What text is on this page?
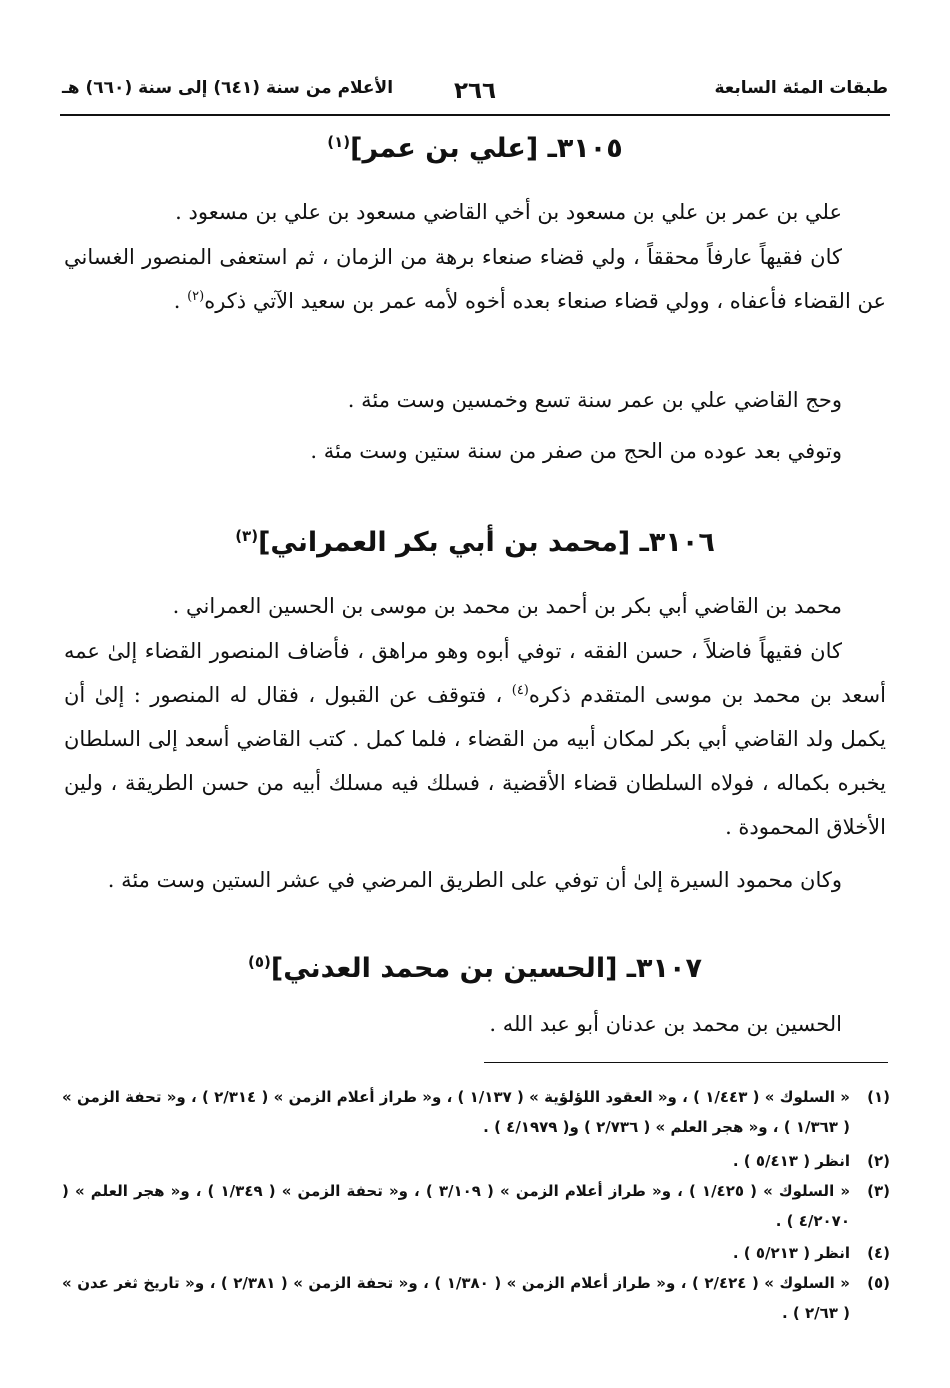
طبقات المئة السابعة
٢٦٦
الأعلام من سنة (٦٤١) إلى سنة (٦٦٠) هـ
٣١٠٥ـ [علي بن عمر]$^{(١)}$
علي بن عمر بن علي بن مسعود بن أخي القاضي مسعود بن علي بن مسعود .
كان فقيهاً عارفاً محققاً ، ولي قضاء صنعاء برهة من الزمان ، ثم استعفى المنصور الغساني عن القضاء فأعفاه ، وولي قضاء صنعاء بعده أخوه لأمه عمر بن سعيد الآتي ذكره$^{(٢)}$ .
وحج القاضي علي بن عمر سنة تسع وخمسين وست مئة .
وتوفي بعد عوده من الحج من صفر من سنة ستين وست مئة .
٣١٠٦ـ [محمد بن أبي بكر العمراني]$^{(٣)}$
محمد بن القاضي أبي بكر بن أحمد بن محمد بن موسى بن الحسين العمراني .
كان فقيهاً فاضلاً ، حسن الفقه ، توفي أبوه وهو مراهق ، فأضاف المنصور القضاء إلىٰ عمه أسعد بن محمد بن موسى المتقدم ذكره$^{(٤)}$ ، فتوقف عن القبول ، فقال له المنصور : إلىٰ أن يكمل ولد القاضي أبي بكر لمكان أبيه من القضاء ، فلما كمل . كتب القاضي أسعد إلى السلطان يخبره بكماله ، فولاه السلطان قضاء الأقضية ، فسلك فيه مسلك أبيه من حسن الطريقة ، ولين الأخلاق المحمودة .
وكان محمود السيرة إلىٰ أن توفي على الطريق المرضي في عشر الستين وست مئة .
٣١٠٧ـ [الحسين بن محمد العدني]$^{(٥)}$
الحسين بن محمد بن عدنان أبو عبد الله .
(١)
« السلوك » ( ١/٤٤٣ ) ، و« العقود اللؤلؤية » ( ١/١٣٧ ) ، و« طراز أعلام الزمن » ( ٢/٣١٤ ) ، و« تحفة الزمن » ( ١/٣٦٣ ) ، و« هجر العلم » ( ٢/٧٣٦ ) و( ٤/١٩٧٩ ) .
(٢)
انظر ( ٥/٤١٣ ) .
(٣)
« السلوك » ( ١/٤٢٥ ) ، و« طراز أعلام الزمن » ( ٣/١٠٩ ) ، و« تحفة الزمن » ( ١/٣٤٩ ) ، و« هجر العلم » ( ٤/٢٠٧٠ ) .
(٤)
انظر ( ٥/٢١٣ ) .
(٥)
« السلوك » ( ٢/٤٢٤ ) ، و« طراز أعلام الزمن » ( ١/٣٨٠ ) ، و« تحفة الزمن » ( ٢/٣٨١ ) ، و« تاريخ ثغر عدن » ( ٢/٦٣ ) .
